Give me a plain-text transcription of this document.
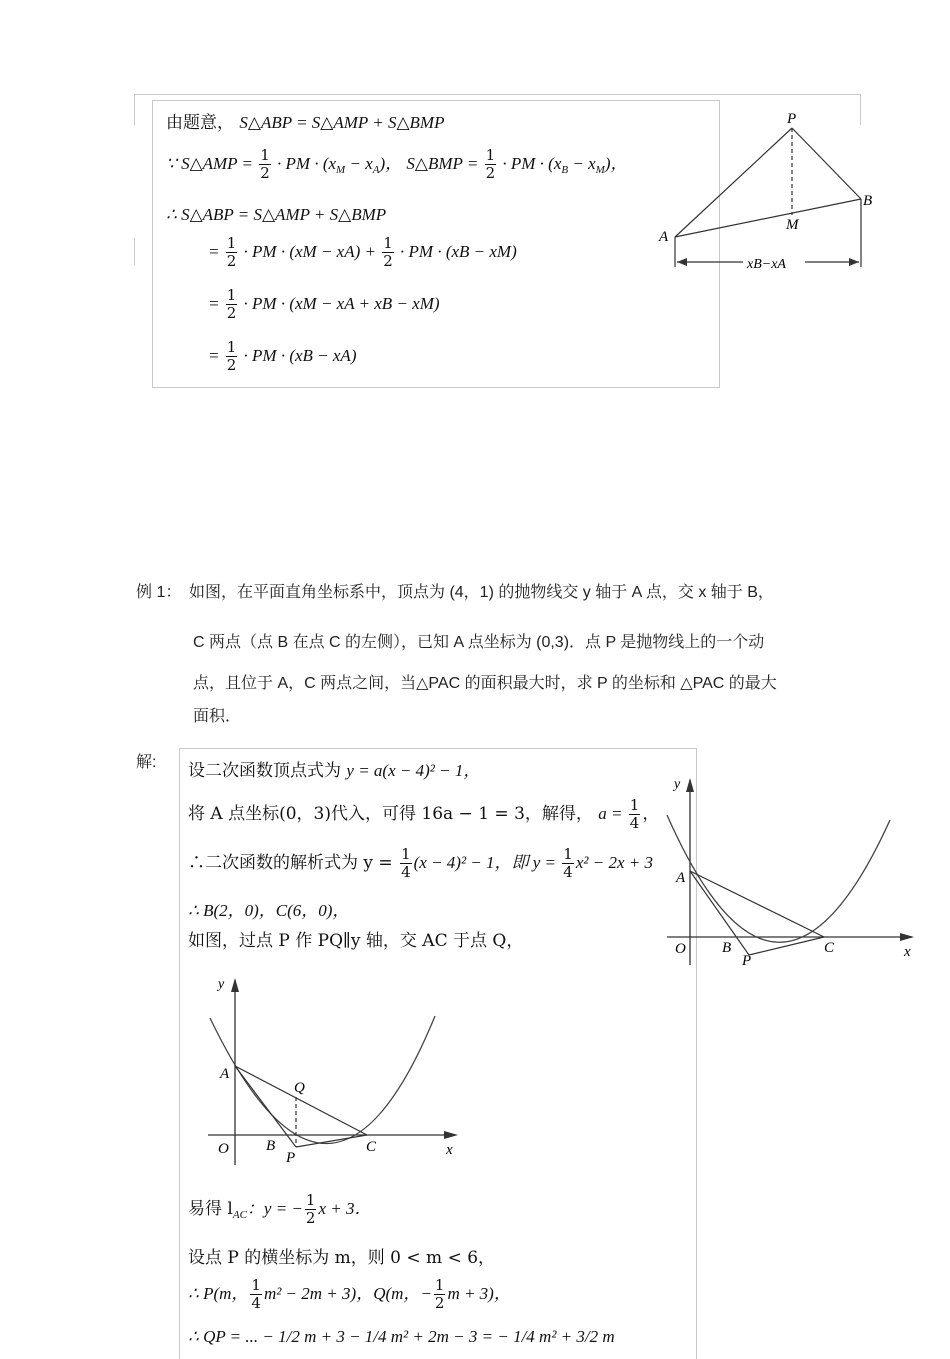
由题意， S△ABP = S△AMP + S△BMP
∵ S△AMP = $\frac{1}{2}$ · PM · $(x_M - x_A)$， S△BMP = $\frac{1}{2}$ · PM · $(x_B - x_M)$，
∴ S△ABP = S△AMP + S△BMP
= $\frac{1}{2}$ · PM · $(xM - xA) + \frac{1}{2}$ · PM · (xB − xM)
= $\frac{1}{2}$ · PM · (xM − xA + xB − xM)
= $\frac{1}{2}$ · PM · (xB − xA)
P
A
B
M
xB−xA
例 1： 如图，在平面直角坐标系中，顶点为 (4，1) 的抛物线交 y 轴于 A 点，交 x 轴于 B，
C 两点（点 B 在点 C 的左侧），已知 A 点坐标为 (0,3)．点 P 是抛物线上的一个动
点，且位于 A，C 两点之间，当△PAC 的面积最大时，求 P 的坐标和 △PAC 的最大
面积．
解: 设二次函数顶点式为 y = a(x − 4)² − 1，
将 A 点坐标(0，3)代入，可得 16a − 1 = 3，解得， $a = \frac{1}{4}$ ，
∴二次函数的解析式为 $y = \frac{1}{4} (x - 4)^2 - 1$，即 $y = \frac{1}{4} x^2 - 2x + 3$
∴ B(2，0)，C(6，0)，
如图，过点 P 作 PQ∥y 轴，交 AC 于点 Q，
易得 $l_{AC}$：y = − $\frac{1}{2}$ x + 3．
设点 P 的横坐标为 m，则 0 < m < 6，
∴ P(m， $\frac{1}{4} m^2 - 2m + 3$)，Q(m，− $\frac{1}{2}$ m + 3)，
∴ QP = ... − 1/2 m + 3 − 1/4 m² + 2m − 3 = − 1/4 m² + 3/2 m
y
A
O B
P
C	x
y
A
Q
O B
P
C	x
